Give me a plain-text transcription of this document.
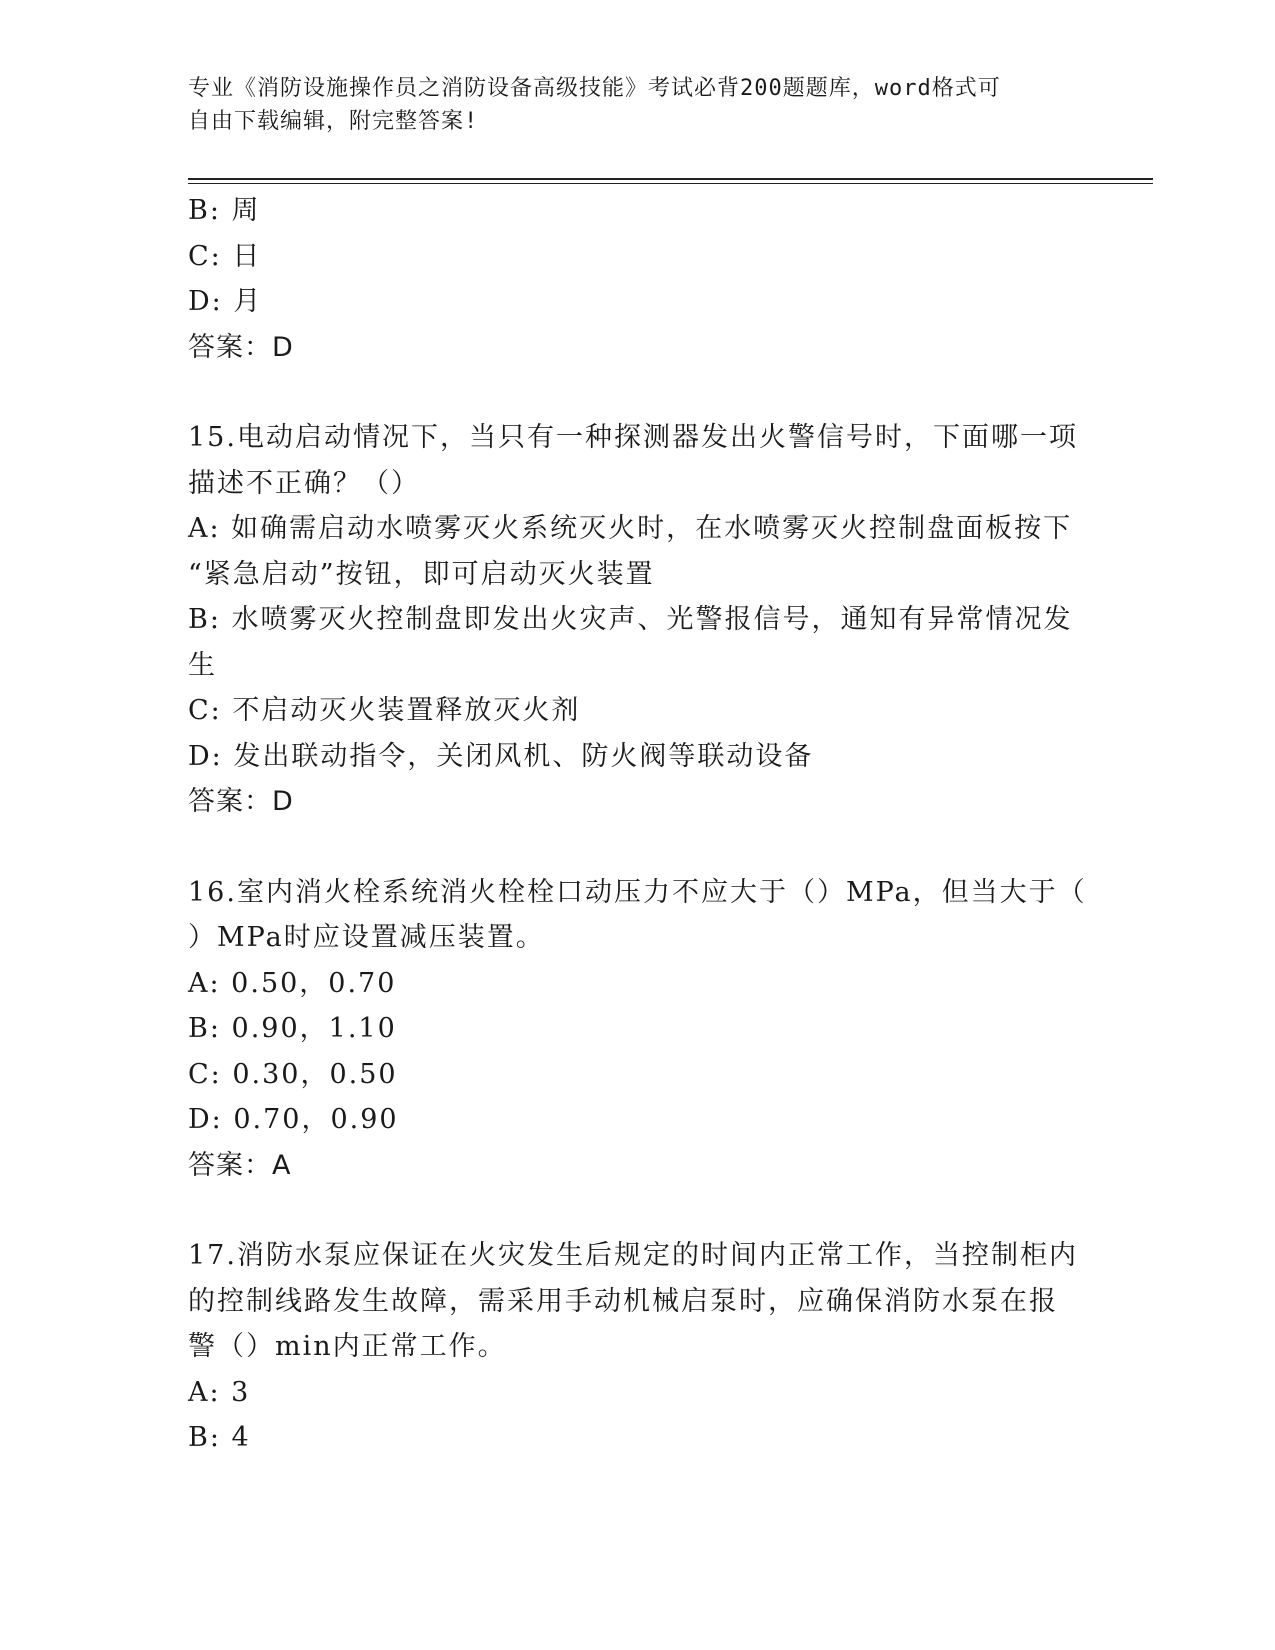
专业《消防设施操作员之消防设备高级技能》考试必背200题题库，word格式可
自由下载编辑，附完整答案!
B: 周
C: 日
D: 月
答案：D
15.电动启动情况下，当只有一种探测器发出火警信号时，下面哪一项
描述不正确？（）
A: 如确需启动水喷雾灭火系统灭火时，在水喷雾灭火控制盘面板按下
“紧急启动”按钮，即可启动灭火装置
B: 水喷雾灭火控制盘即发出火灾声、光警报信号，通知有异常情况发
生
C: 不启动灭火装置释放灭火剂
D: 发出联动指令，关闭风机、防火阀等联动设备
答案：D
16.室内消火栓系统消火栓栓口动压力不应大于（）MPa，但当大于（
）MPa时应设置减压装置。
A: 0.50，0.70
B: 0.90，1.10
C: 0.30，0.50
D: 0.70，0.90
答案：A
17.消防水泵应保证在火灾发生后规定的时间内正常工作，当控制柜内
的控制线路发生故障，需采用手动机械启泵时，应确保消防水泵在报
警（）min内正常工作。
A: 3
B: 4
